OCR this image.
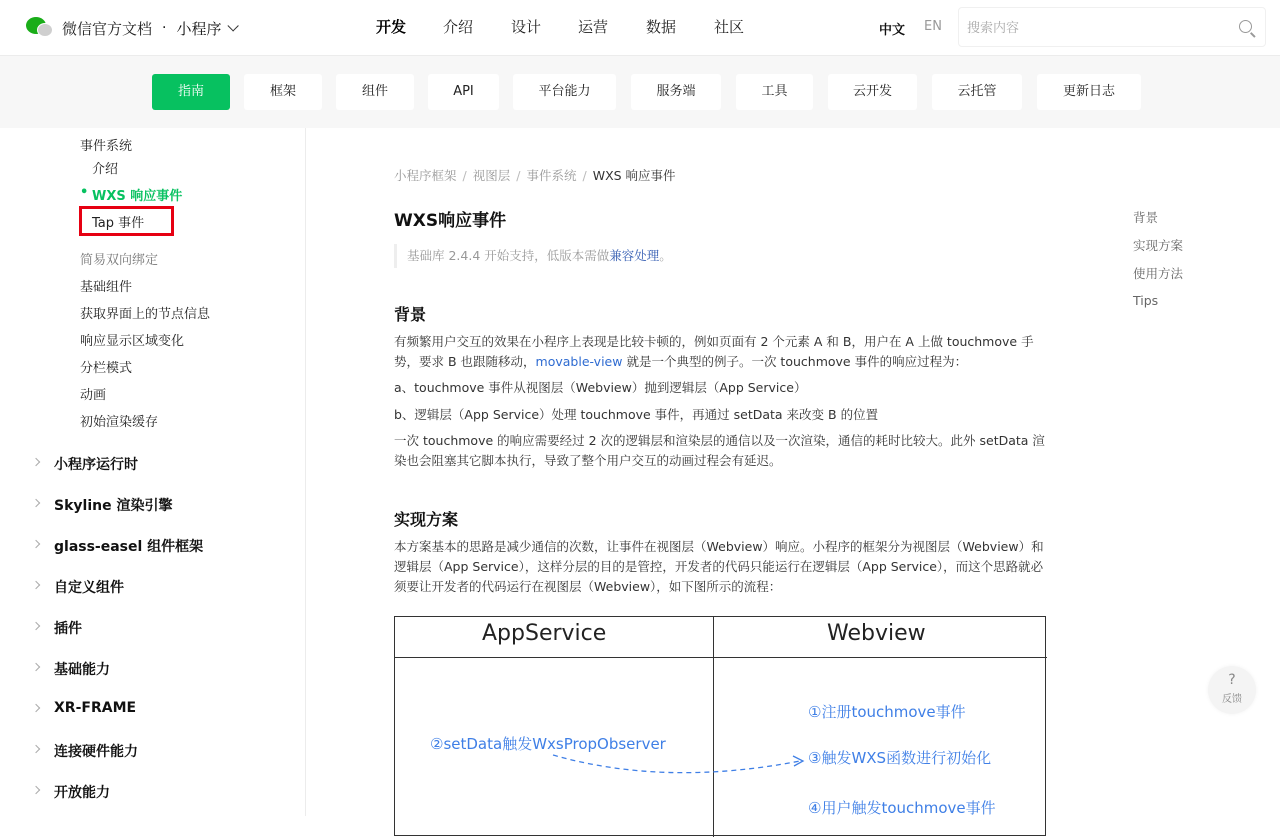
微信官方文档 · 小程序	开发	介绍	设计	运营	数据	社区	中文 EN
搜索内容
指南	框架	组件	API	平台能力	服务端	工具	云开发	云托管	更新日志
事件系统
介绍
• WXS 响应事件
Tap 事件
简易双向绑定
基础组件
获取界面上的节点信息
响应显示区域变化
分栏模式
动画
初始渲染缓存
小程序运行时
Skyline 渲染引擎
glass-easel 组件框架
自定义组件
插件
基础能力
XR-FRAME
连接硬件能力
开放能力
小程序框架 / 视图层 / 事件系统 / WXS 响应事件
WXS响应事件
基础库 2.4.4 开始支持，低版本需做兼容处理。
背景
有频繁用户交互的效果在小程序上表现是比较卡顿的，例如页面有 2 个元素 A 和 B，用户在 A 上做 touchmove 手势，要求 B 也跟随移动，movable-view 就是一个典型的例子。一次 touchmove 事件的响应过程为：
a、touchmove 事件从视图层（Webview）抛到逻辑层（App Service）
b、逻辑层（App Service）处理 touchmove 事件，再通过 setData 来改变 B 的位置
一次 touchmove 的响应需要经过 2 次的逻辑层和渲染层的通信以及一次渲染，通信的耗时比较大。此外 setData 渲染也会阻塞其它脚本执行，导致了整个用户交互的动画过程会有延迟。
实现方案
本方案基本的思路是减少通信的次数，让事件在视图层（Webview）响应。小程序的框架分为视图层（Webview）和逻辑层（App Service），这样分层的目的是管控，开发者的代码只能运行在逻辑层（App Service），而这个思路就必须要让开发者的代码运行在视图层（Webview），如下图所示的流程：
AppService	Webview
①注册touchmove事件
②setData触发WxsPropObserver
③触发WXS函数进行初始化
④用户触发touchmove事件
背景
实现方案
使用方法
Tips
?
反馈
